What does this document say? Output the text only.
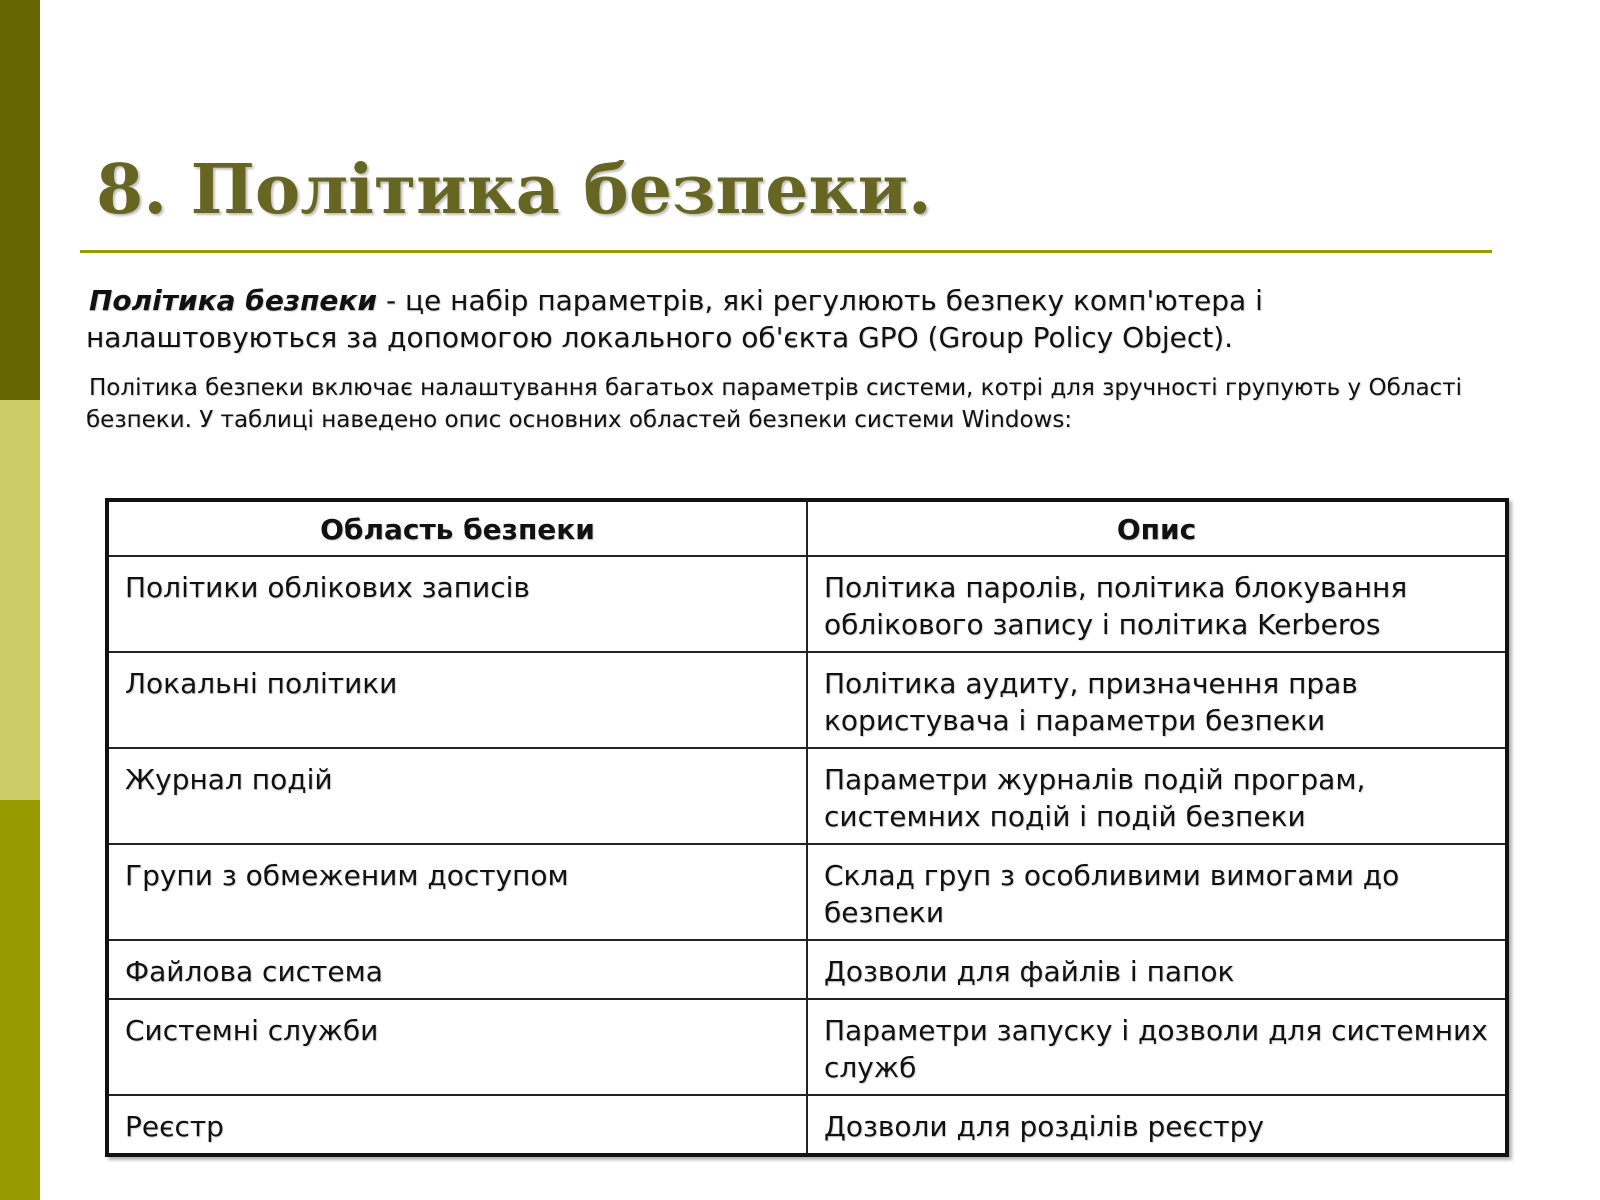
8. Політика безпеки.

Політика безпеки - це набір параметрів, які регулюють безпеку комп'ютера і налаштовуються за допомогою локального об'єкта GPO (Group Policy Object).

Політика безпеки включає налаштування багатьох параметрів системи, котрі для зручності групують у Області безпеки. У таблиці наведено опис основних областей безпеки системи Windows:

Область безпеки	Опис
Політики облікових записів	Політика паролів, політика блокування облікового запису і політика Kerberos
Локальні політики	Політика аудиту, призначення прав користувача і параметри безпеки
Журнал подій	Параметри журналів подій програм, системних подій і подій безпеки
Групи з обмеженим доступом	Склад груп з особливими вимогами до безпеки
Файлова система	Дозволи для файлів і папок
Системні служби	Параметри запуску і дозволи для системних служб
Реєстр	Дозволи для розділів реєстру
